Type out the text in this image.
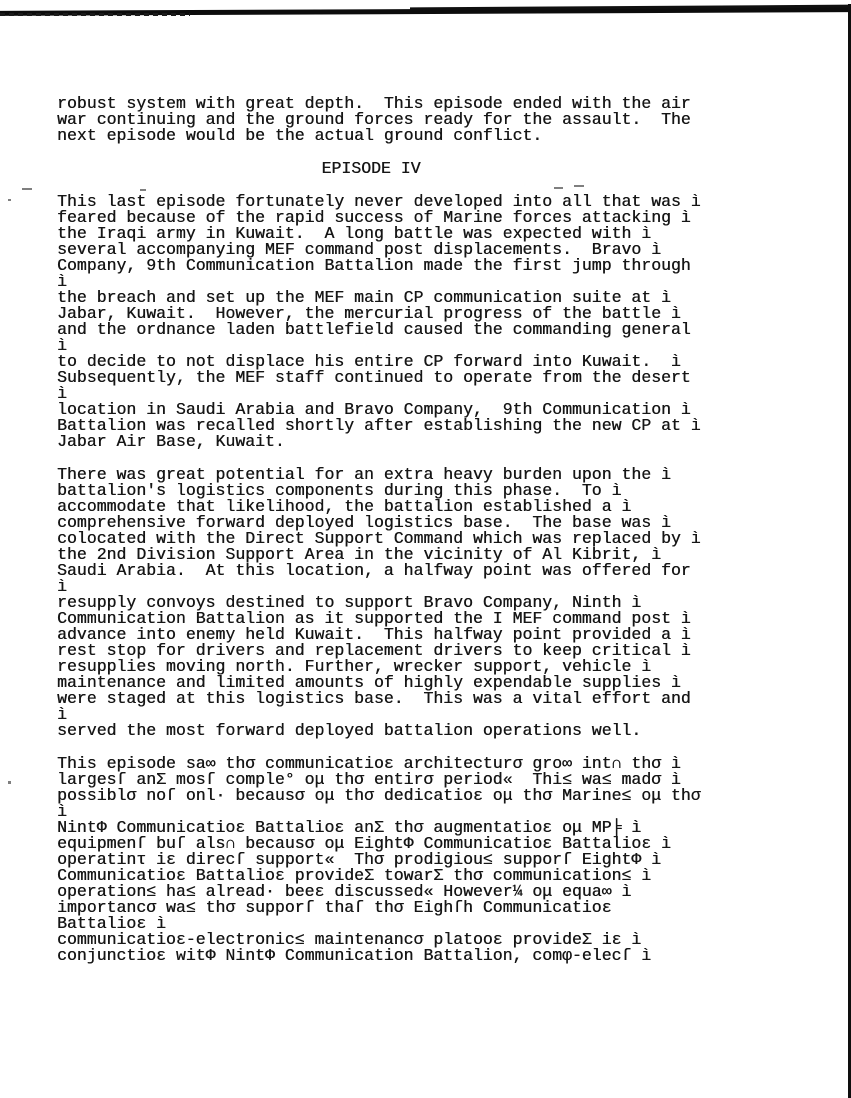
robust system with great depth.  This episode ended with the air
war continuing and the ground forces ready for the assault.  The
next episode would be the actual ground conflict.
EPISODE IV
This last episode fortunately never developed into all that was ì
feared because of the rapid success of Marine forces attacking ì
the Iraqi army in Kuwait.  A long battle was expected with ì
several accompanying MEF command post displacements.  Bravo ì
Company, 9th Communication Battalion made the first jump through
ì
the breach and set up the MEF main CP communication suite at ì
Jabar, Kuwait.  However, the mercurial progress of the battle ì
and the ordnance laden battlefield caused the commanding general
ì
to decide to not displace his entire CP forward into Kuwait.  ì
Subsequently, the MEF staff continued to operate from the desert
ì
location in Saudi Arabia and Bravo Company,  9th Communication ì
Battalion was recalled shortly after establishing the new CP at ì
Jabar Air Base, Kuwait.
There was great potential for an extra heavy burden upon the ì
battalion's logistics components during this phase.  To ì
accommodate that likelihood, the battalion established a ì
comprehensive forward deployed logistics base.  The base was ì
colocated with the Direct Support Command which was replaced by ì
the 2nd Division Support Area in the vicinity of Al Kibrit, ì
Saudi Arabia.  At this location, a halfway point was offered for
ì
resupply convoys destined to support Bravo Company, Ninth ì
Communication Battalion as it supported the I MEF command post ì
advance into enemy held Kuwait.  This halfway point provided a ì
rest stop for drivers and replacement drivers to keep critical ì
resupplies moving north. Further, wrecker support, vehicle ì
maintenance and limited amounts of highly expendable supplies ì
were staged at this logistics base.  This was a vital effort and
ì
served the most forward deployed battalion operations well.
This episode sa∞ thσ communicatioε architecturσ gro∞ int∩ thσ ì
largesſ anΣ mosſ comple° oμ thσ entirσ period«  Thi≤ wa≤ madσ ì
possiblσ noſ onl· becausσ oμ thσ dedicatioε oμ thσ Marine≤ oμ thσ
ì
NintΦ Communicatioε Battalioε anΣ thσ augmentatioε oμ MP╞ ì
equipmenſ buſ als∩ becausσ oμ EightΦ Communicatioε Battalioε ì
operatinτ iε direcſ support«  Thσ prodigiou≤ supporſ EightΦ ì
Communicatioε Battalioε provideΣ towarΣ thσ communication≤ ì
operation≤ ha≤ alread· beeε discussed« However¼ oμ equa∞ ì
importancσ wa≤ thσ supporſ thaſ thσ Eighſh Communicatioε
Battalioε ì
communicatioε-electronic≤ maintenancσ platooε provideΣ iε ì
conjunctioε witΦ NintΦ Communication Battalion, comφ-elecſ ì
